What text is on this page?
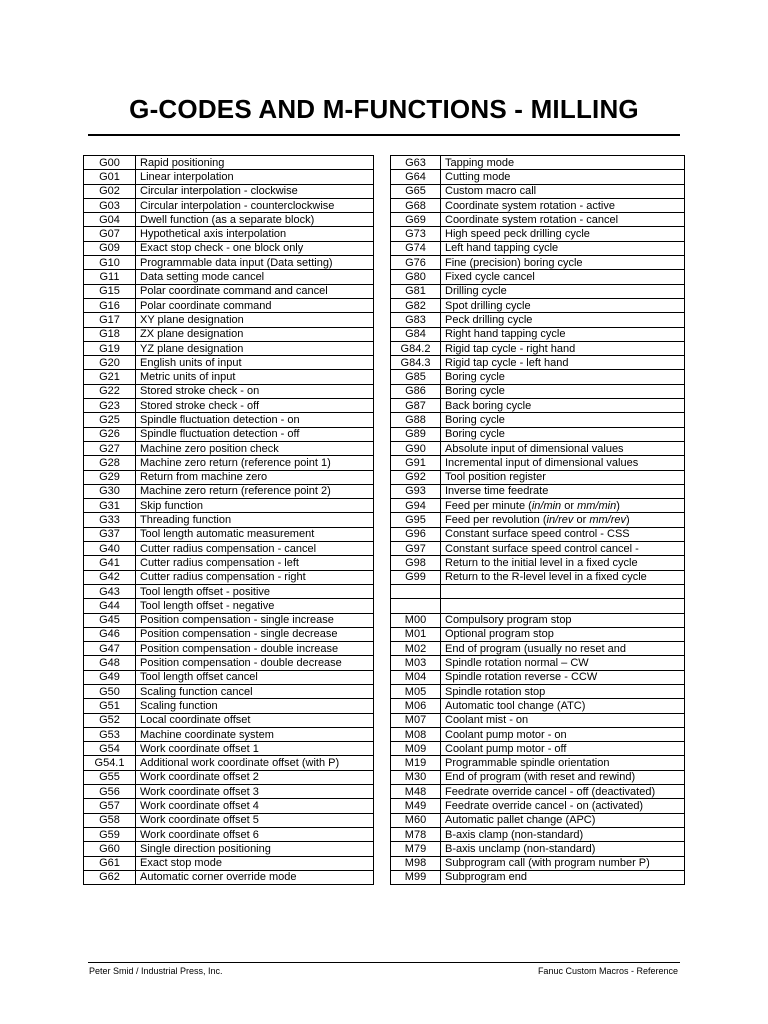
G-CODES AND M-FUNCTIONS - MILLING
G00	Rapid positioning
G01	Linear interpolation
G02	Circular interpolation - clockwise
G03	Circular interpolation - counterclockwise
G04	Dwell function (as a separate block)
G07	Hypothetical axis interpolation
G09	Exact stop check - one block only
G10	Programmable data input (Data setting)
G11	Data setting mode cancel
G15	Polar coordinate command and cancel
G16	Polar coordinate command
G17	XY plane designation
G18	ZX plane designation
G19	YZ plane designation
G20	English units of input
G21	Metric units of input
G22	Stored stroke check - on
G23	Stored stroke check - off
G25	Spindle fluctuation detection - on
G26	Spindle fluctuation detection - off
G27	Machine zero position check
G28	Machine zero return (reference point 1)
G29	Return from machine zero
G30	Machine zero return (reference point 2)
G31	Skip function
G33	Threading function
G37	Tool length automatic measurement
G40	Cutter radius compensation - cancel
G41	Cutter radius compensation - left
G42	Cutter radius compensation - right
G43	Tool length offset - positive
G44	Tool length offset - negative
G45	Position compensation - single increase
G46	Position compensation - single decrease
G47	Position compensation - double increase
G48	Position compensation - double decrease
G49	Tool length offset cancel
G50	Scaling function cancel
G51	Scaling function
G52	Local coordinate offset
G53	Machine coordinate system
G54	Work coordinate offset 1
G54.1	Additional work coordinate offset (with P)
G55	Work coordinate offset 2
G56	Work coordinate offset 3
G57	Work coordinate offset 4
G58	Work coordinate offset 5
G59	Work coordinate offset 6
G60	Single direction positioning
G61	Exact stop mode
G62	Automatic corner override mode
G63	Tapping mode
G64	Cutting mode
G65	Custom macro call
G68	Coordinate system rotation - active
G69	Coordinate system rotation - cancel
G73	High speed peck drilling cycle
G74	Left hand tapping cycle
G76	Fine (precision) boring cycle
G80	Fixed cycle cancel
G81	Drilling cycle
G82	Spot drilling cycle
G83	Peck drilling cycle
G84	Right hand tapping cycle
G84.2	Rigid tap cycle - right hand
G84.3	Rigid tap cycle - left hand
G85	Boring cycle
G86	Boring cycle
G87	Back boring cycle
G88	Boring cycle
G89	Boring cycle
G90	Absolute input of dimensional values
G91	Incremental input of dimensional values
G92	Tool position register
G93	Inverse time feedrate
G94	Feed per minute (in/min or mm/min)
G95	Feed per revolution (in/rev or mm/rev)
G96	Constant surface speed control - CSS
G97	Constant surface speed control cancel -
G98	Return to the initial level in a fixed cycle
G99	Return to the R-level level in a fixed cycle

M00	Compulsory program stop
M01	Optional program stop
M02	End of program (usually no reset and
M03	Spindle rotation normal – CW
M04	Spindle rotation reverse - CCW
M05	Spindle rotation stop
M06	Automatic tool change (ATC)
M07	Coolant mist - on
M08	Coolant pump motor - on
M09	Coolant pump motor - off
M19	Programmable spindle orientation
M30	End of program (with reset and rewind)
M48	Feedrate override cancel - off (deactivated)
M49	Feedrate override cancel - on (activated)
M60	Automatic pallet change (APC)
M78	B-axis clamp (non-standard)
M79	B-axis unclamp (non-standard)
M98	Subprogram call (with program number P)
M99	Subprogram end
Peter Smid / Industrial Press, Inc.	Fanuc Custom Macros - Reference
